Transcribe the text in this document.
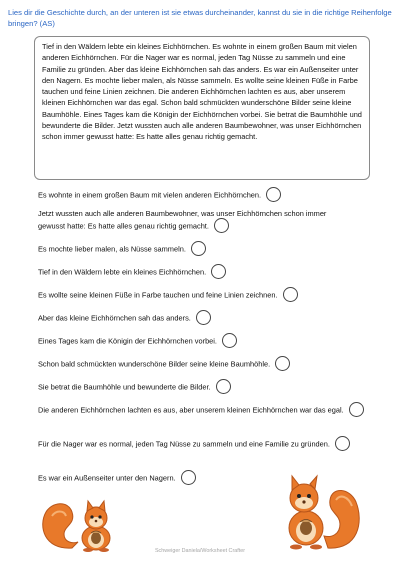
Lies dir die Geschichte durch, an der unteren ist sie etwas durcheinander, kannst du sie in die richtige Reihenfolge bringen? (AS)
Tief in den Wäldern lebte ein kleines Eichhörnchen. Es wohnte in einem großen Baum mit vielen anderen Eichhörnchen. Für die Nager war es normal, jeden Tag Nüsse zu sammeln und eine Familie zu gründen. Aber das kleine Eichhörnchen sah das anders. Es war ein Außenseiter unter den Nagern. Es mochte lieber malen, als Nüsse sammeln. Es wollte seine kleinen Füße in Farbe tauchen und feine Linien zeichnen. Die anderen Eichhörnchen lachten es aus, aber unserem kleinen Eichhörnchen war das egal. Schon bald schmückten wunderschöne Bilder seine kleine Baumhöhle. Eines Tages kam die Königin der Eichhörnchen vorbei. Sie betrat die Baumhöhle und bewunderte die Bilder. Jetzt wussten auch alle anderen Baumbewohner, was unser Eichhörnchen schon immer gewusst hatte: Es hatte alles genau richtig gemacht.
Es wohnte in einem großen Baum mit vielen anderen Eichhörnchen.
Jetzt wussten auch alle anderen Baumbewohner, was unser Eichhörnchen schon immer gewusst hatte: Es hatte alles genau richtig gemacht.
Es mochte lieber malen, als Nüsse sammeln.
Tief in den Wäldern lebte ein kleines Eichhörnchen.
Es wollte seine kleinen Füße in Farbe tauchen und feine Linien zeichnen.
Aber das kleine Eichhörnchen sah das anders.
Eines Tages kam die Königin der Eichhörnchen vorbei.
Schon bald schmückten wunderschöne Bilder seine kleine Baumhöhle.
Sie betrat die Baumhöhle und bewunderte die Bilder.
Die anderen Eichhörnchen lachten es aus, aber unserem kleinen Eichhörnchen war das egal.
Für die Nager war es normal, jeden Tag Nüsse zu sammeln und eine Familie zu gründen.
Es war ein Außenseiter unter den Nagern.
Schweiger Daniela/Worksheet Crafter
